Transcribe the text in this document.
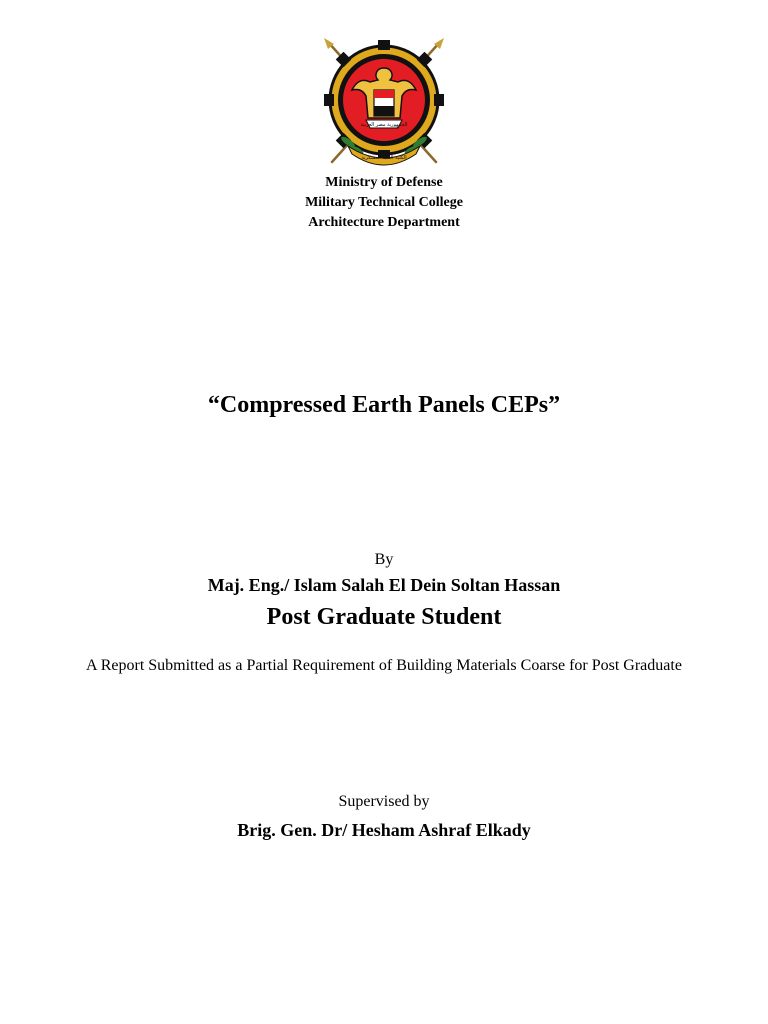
الجمهورية مصر العربية
الكلية الفنية العسكرية
Ministry of Defense
Military Technical College
Architecture Department
“Compressed Earth Panels CEPs”
By
Maj. Eng./ Islam Salah El Dein Soltan Hassan
Post Graduate Student
A Report Submitted as a Partial Requirement of Building Materials Coarse for Post Graduate
Supervised by
Brig. Gen. Dr/ Hesham Ashraf Elkady
